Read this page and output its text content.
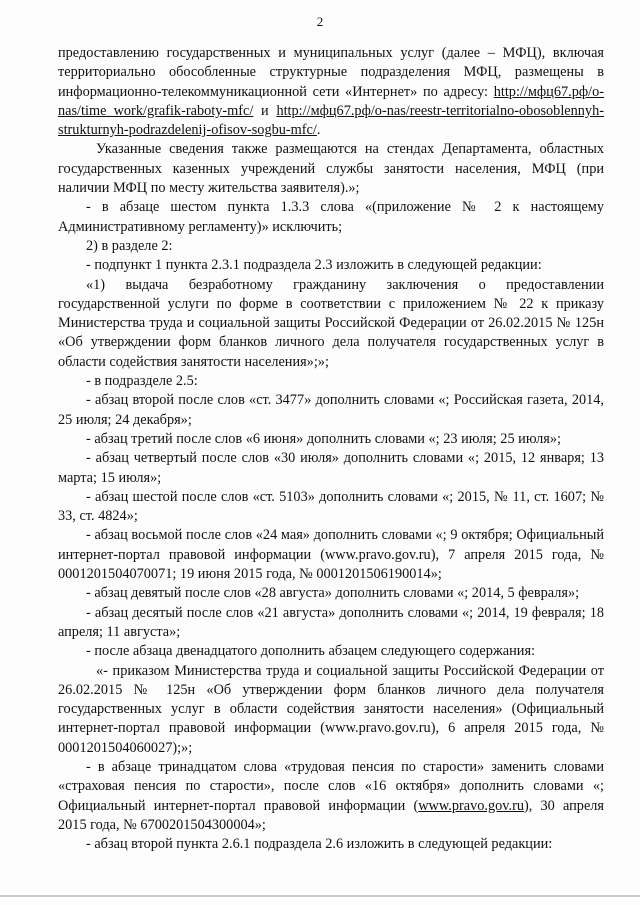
2

предоставлению государственных и муниципальных услуг (далее – МФЦ), включая территориально обособленные структурные подразделения МФЦ, размещены в информационно-телекоммуникационной сети «Интернет» по адресу: http://мфц67.рф/o-nas/time_work/grafik-raboty-mfc/ и http://мфц67.рф/o-nas/reestr-territorialno-obosoblennyh-strukturnyh-podrazdelenij-ofisov-sogbu-mfc/.

Указанные сведения также размещаются на стендах Департамента, областных государственных казенных учреждений службы занятости населения, МФЦ (при наличии МФЦ по месту жительства заявителя).»;

- в абзаце шестом пункта 1.3.3 слова «(приложение № 2 к настоящему Административному регламенту)» исключить;

2) в разделе 2:

- подпункт 1 пункта 2.3.1 подраздела 2.3 изложить в следующей редакции:

«1) выдача безработному гражданину заключения о предоставлении государственной услуги по форме в соответствии с приложением № 22 к приказу Министерства труда и социальной защиты Российской Федерации от 26.02.2015 № 125н «Об утверждении форм бланков личного дела получателя государственных услуг в области содействия занятости населения»;»;

- в подразделе 2.5:

- абзац второй после слов «ст. 3477» дополнить словами «; Российская газета, 2014, 25 июля; 24 декабря»;

- абзац третий после слов «6 июня» дополнить словами «; 23 июля; 25 июля»;

- абзац четвертый после слов «30 июля» дополнить словами «; 2015, 12 января; 13 марта; 15 июля»;

- абзац шестой после слов «ст. 5103» дополнить словами «; 2015, № 11, ст. 1607; № 33, ст. 4824»;

- абзац восьмой после слов «24 мая» дополнить словами «; 9 октября; Официальный интернет-портал правовой информации (www.pravo.gov.ru), 7 апреля 2015 года, № 0001201504070071; 19 июня 2015 года, № 0001201506190014»;

- абзац девятый после слов «28 августа» дополнить словами «; 2014, 5 февраля»;

- абзац десятый после слов «21 августа» дополнить словами «; 2014, 19 февраля; 18 апреля; 11 августа»;

- после абзаца двенадцатого дополнить абзацем следующего содержания:

«- приказом Министерства труда и социальной защиты Российской Федерации от 26.02.2015 № 125н «Об утверждении форм бланков личного дела получателя государственных услуг в области содействия занятости населения» (Официальный интернет-портал правовой информации (www.pravo.gov.ru), 6 апреля 2015 года, № 0001201504060027);»;

- в абзаце тринадцатом слова «трудовая пенсия по старости» заменить словами «страховая пенсия по старости», после слов «16 октября» дополнить словами «; Официальный интернет-портал правовой информации (www.pravo.gov.ru), 30 апреля 2015 года, № 6700201504300004»;

- абзац второй пункта 2.6.1 подраздела 2.6 изложить в следующей редакции:
